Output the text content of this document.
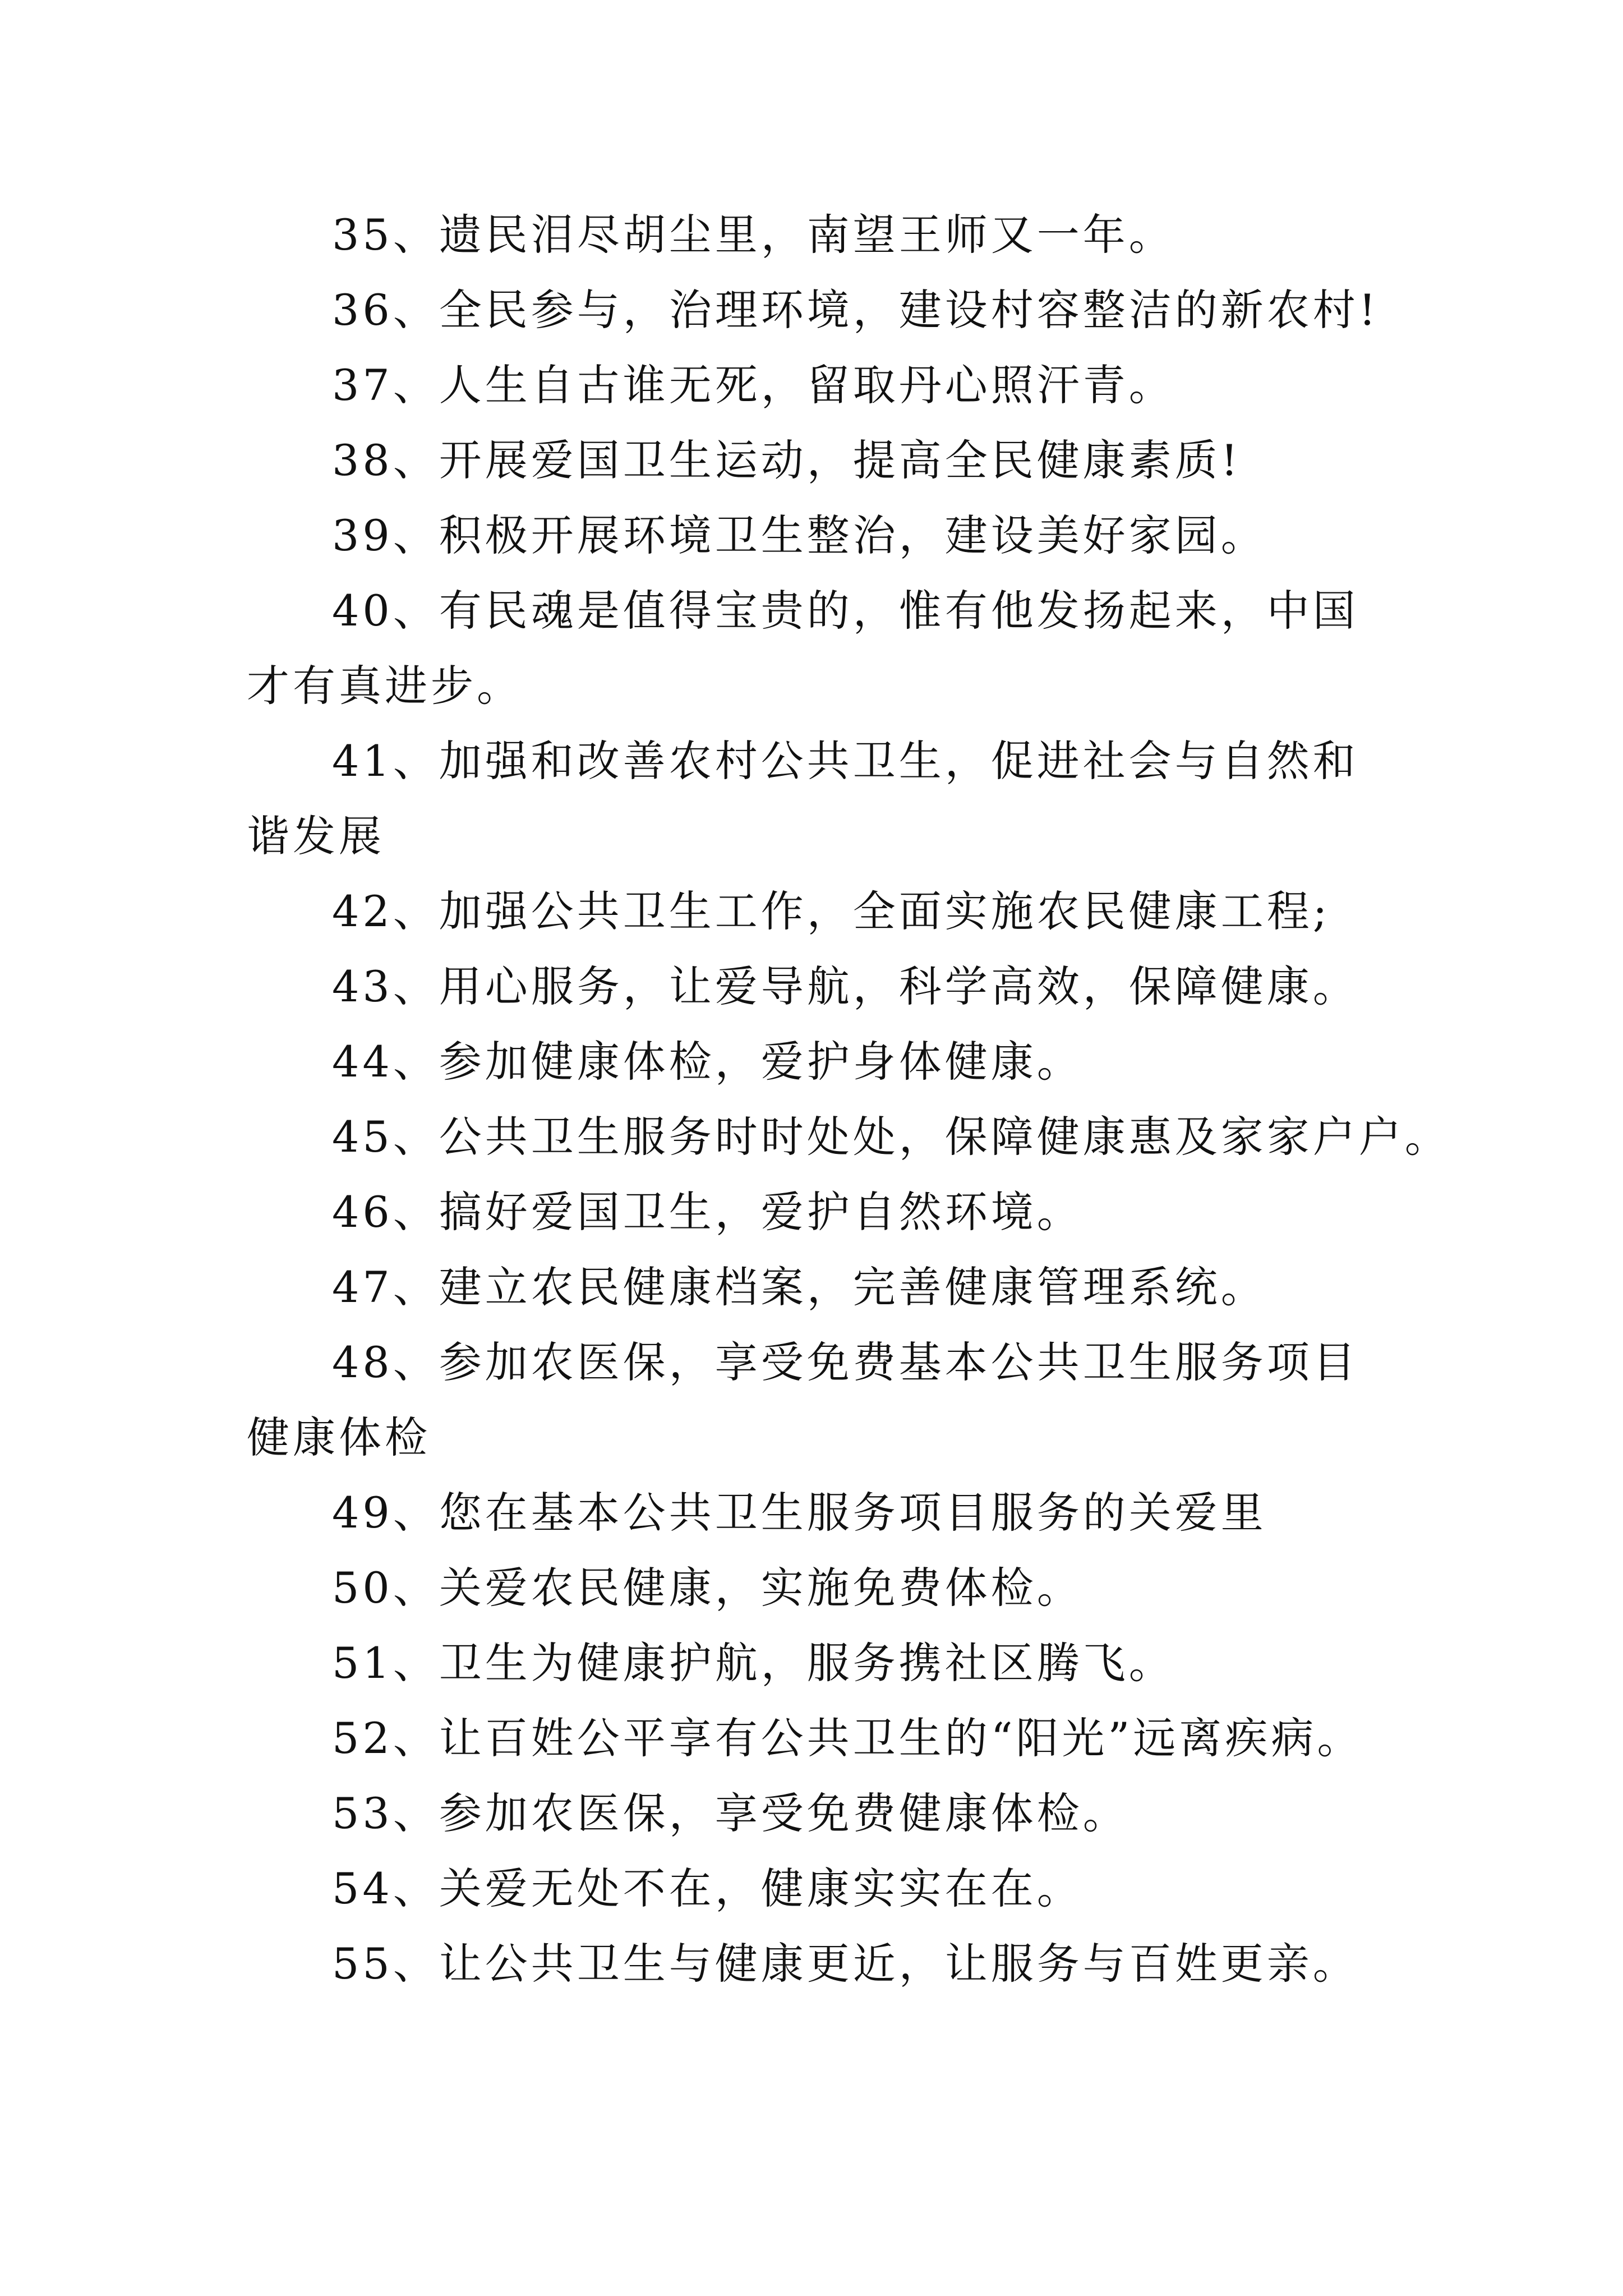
35、遗民泪尽胡尘里，南望王师又一年。

36、全民参与，治理环境，建设村容整洁的新农村!

37、人生自古谁无死，留取丹心照汗青。

38、开展爱国卫生运动，提高全民健康素质!

39、积极开展环境卫生整治，建设美好家园。

40、有民魂是值得宝贵的，惟有他发扬起来，中国才有真进步。

41、加强和改善农村公共卫生，促进社会与自然和谐发展

42、加强公共卫生工作，全面实施农民健康工程;

43、用心服务，让爱导航，科学高效，保障健康。

44、参加健康体检，爱护身体健康。

45、公共卫生服务时时处处，保障健康惠及家家户户。

46、搞好爱国卫生，爱护自然环境。

47、建立农民健康档案，完善健康管理系统。

48、参加农医保，享受免费基本公共卫生服务项目健康体检

49、您在基本公共卫生服务项目服务的关爱里

50、关爱农民健康，实施免费体检。

51、卫生为健康护航，服务携社区腾飞。

52、让百姓公平享有公共卫生的“阳光”远离疾病。

53、参加农医保，享受免费健康体检。

54、关爱无处不在，健康实实在在。

55、让公共卫生与健康更近，让服务与百姓更亲。
